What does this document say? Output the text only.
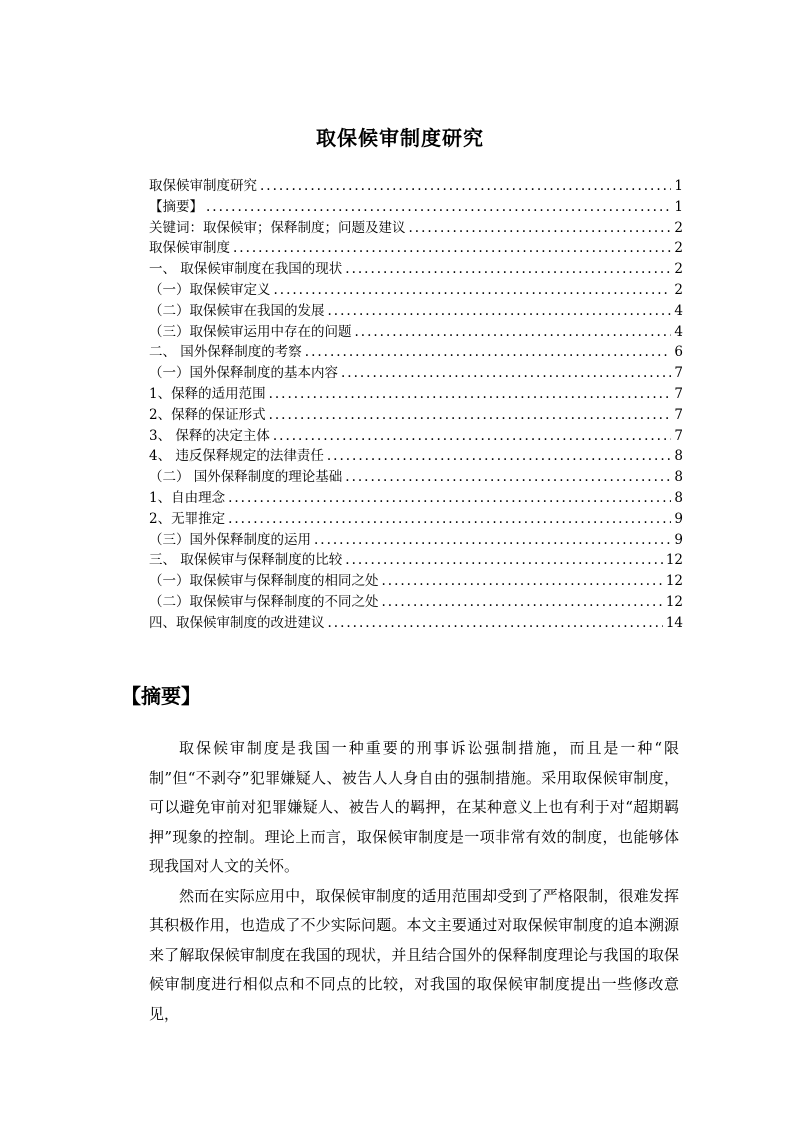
取保候审制度研究
取保候审制度研究 .....	1
【摘要】 .....	1
关键词：取保候审；保释制度；问题及建议 .....	2
取保候审制度 .....	2
一、 取保候审制度在我国的现状 .....	2
（一）取保候审定义 .....	2
（二）取保候审在我国的发展 .....	4
（三）取保候审运用中存在的问题 .....	4
二、 国外保释制度的考察 .....	6
（一）国外保释制度的基本内容 .....	7
1、保释的适用范围 .....	7
2、保释的保证形式 .....	7
3、 保释的决定主体 .....	7
4、 违反保释规定的法律责任 .....	8
（二） 国外保释制度的理论基础 .....	8
1、自由理念 .....	8
2、无罪推定 .....	9
（三）国外保释制度的运用 .....	9
三、 取保候审与保释制度的比较 .....	12
（一）取保候审与保释制度的相同之处 .....	12
（二）取保候审与保释制度的不同之处 .....	12
四、取保候审制度的改进建议 .....	14
【摘要】

取保候审制度是我国一种重要的刑事诉讼强制措施，而且是一种“限制”但“不剥夺”犯罪嫌疑人、被告人人身自由的强制措施。采用取保候审制度，可以避免审前对犯罪嫌疑人、被告人的羁押，在某种意义上也有利于对“超期羁押”现象的控制。理论上而言，取保候审制度是一项非常有效的制度，也能够体现我国对人文的关怀。

然而在实际应用中，取保候审制度的适用范围却受到了严格限制，很难发挥其积极作用，也造成了不少实际问题。本文主要通过对取保候审制度的追本溯源来了解取保候审制度在我国的现状，并且结合国外的保释制度理论与我国的取保候审制度进行相似点和不同点的比较，对我国的取保候审制度提出一些修改意见，
